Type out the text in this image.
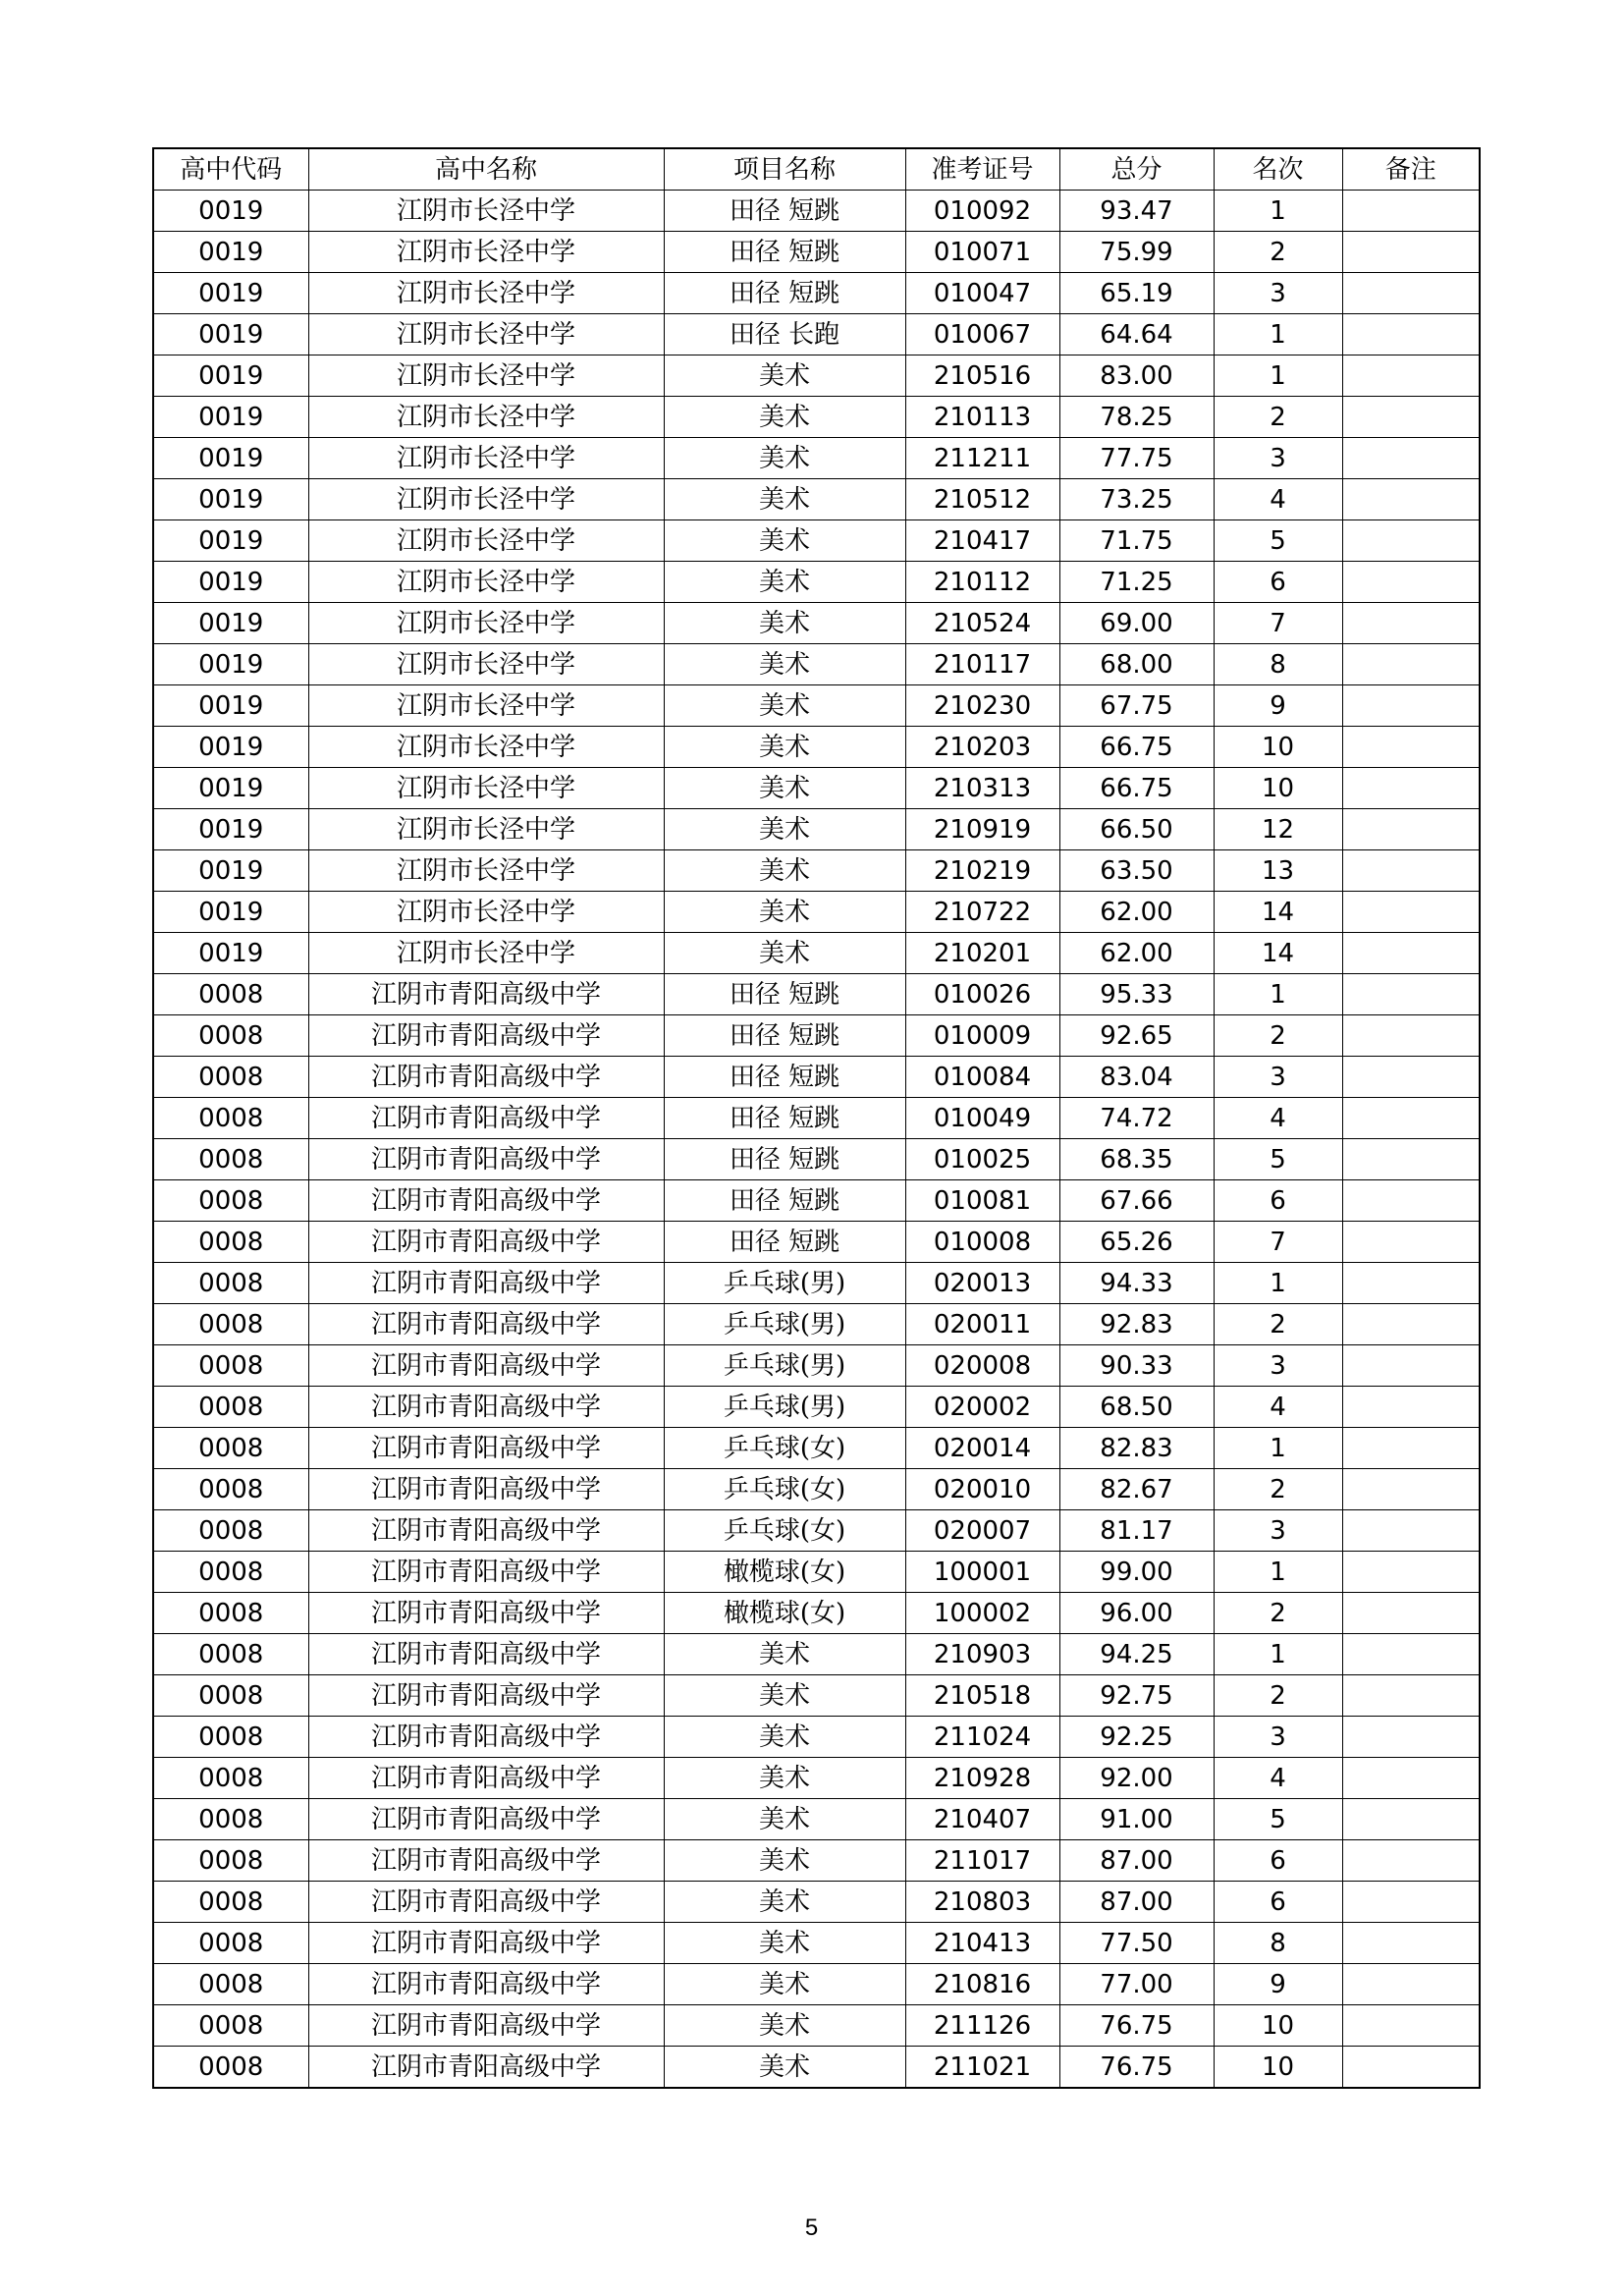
高中代码	高中名称	项目名称	准考证号	总分	名次	备注
0019	江阴市长泾中学	田径 短跳	010092	93.47	1	
0019	江阴市长泾中学	田径 短跳	010071	75.99	2	
0019	江阴市长泾中学	田径 短跳	010047	65.19	3	
0019	江阴市长泾中学	田径 长跑	010067	64.64	1	
0019	江阴市长泾中学	美术	210516	83.00	1	
0019	江阴市长泾中学	美术	210113	78.25	2	
0019	江阴市长泾中学	美术	211211	77.75	3	
0019	江阴市长泾中学	美术	210512	73.25	4	
0019	江阴市长泾中学	美术	210417	71.75	5	
0019	江阴市长泾中学	美术	210112	71.25	6	
0019	江阴市长泾中学	美术	210524	69.00	7	
0019	江阴市长泾中学	美术	210117	68.00	8	
0019	江阴市长泾中学	美术	210230	67.75	9	
0019	江阴市长泾中学	美术	210203	66.75	10	
0019	江阴市长泾中学	美术	210313	66.75	10	
0019	江阴市长泾中学	美术	210919	66.50	12	
0019	江阴市长泾中学	美术	210219	63.50	13	
0019	江阴市长泾中学	美术	210722	62.00	14	
0019	江阴市长泾中学	美术	210201	62.00	14	
0008	江阴市青阳高级中学	田径 短跳	010026	95.33	1	
0008	江阴市青阳高级中学	田径 短跳	010009	92.65	2	
0008	江阴市青阳高级中学	田径 短跳	010084	83.04	3	
0008	江阴市青阳高级中学	田径 短跳	010049	74.72	4	
0008	江阴市青阳高级中学	田径 短跳	010025	68.35	5	
0008	江阴市青阳高级中学	田径 短跳	010081	67.66	6	
0008	江阴市青阳高级中学	田径 短跳	010008	65.26	7	
0008	江阴市青阳高级中学	乒乓球(男)	020013	94.33	1	
0008	江阴市青阳高级中学	乒乓球(男)	020011	92.83	2	
0008	江阴市青阳高级中学	乒乓球(男)	020008	90.33	3	
0008	江阴市青阳高级中学	乒乓球(男)	020002	68.50	4	
0008	江阴市青阳高级中学	乒乓球(女)	020014	82.83	1	
0008	江阴市青阳高级中学	乒乓球(女)	020010	82.67	2	
0008	江阴市青阳高级中学	乒乓球(女)	020007	81.17	3	
0008	江阴市青阳高级中学	橄榄球(女)	100001	99.00	1	
0008	江阴市青阳高级中学	橄榄球(女)	100002	96.00	2	
0008	江阴市青阳高级中学	美术	210903	94.25	1	
0008	江阴市青阳高级中学	美术	210518	92.75	2	
0008	江阴市青阳高级中学	美术	211024	92.25	3	
0008	江阴市青阳高级中学	美术	210928	92.00	4	
0008	江阴市青阳高级中学	美术	210407	91.00	5	
0008	江阴市青阳高级中学	美术	211017	87.00	6	
0008	江阴市青阳高级中学	美术	210803	87.00	6	
0008	江阴市青阳高级中学	美术	210413	77.50	8	
0008	江阴市青阳高级中学	美术	210816	77.00	9	
0008	江阴市青阳高级中学	美术	211126	76.75	10	
0008	江阴市青阳高级中学	美术	211021	76.75	10	
5
